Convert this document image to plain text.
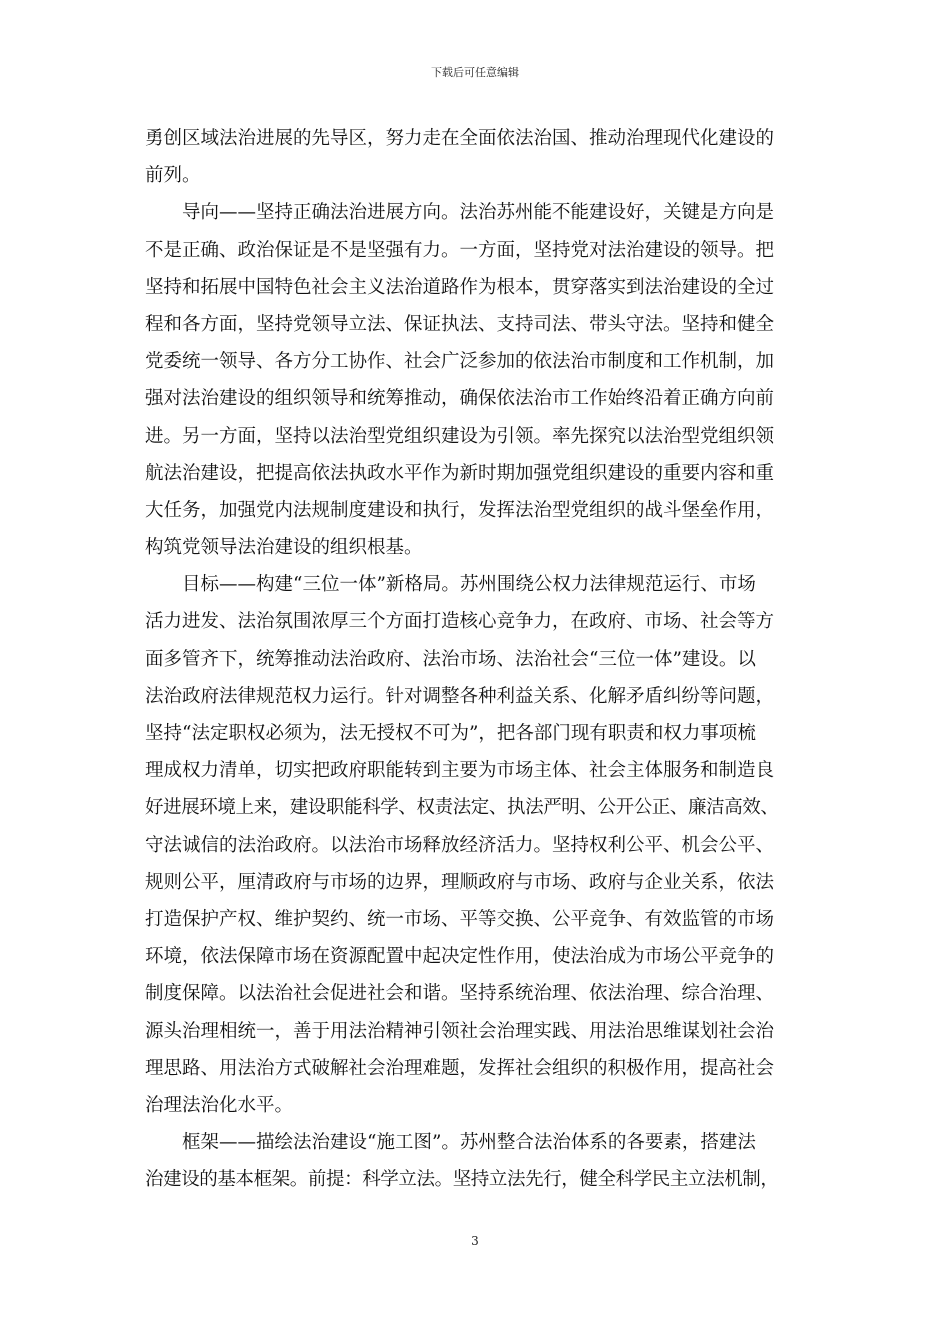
下载后可任意编辑
勇创区域法治进展的先导区，努力走在全面依法治国、推动治理现代化建设的
前列。
导向——坚持正确法治进展方向。法治苏州能不能建设好，关键是方向是
不是正确、政治保证是不是坚强有力。一方面，坚持党对法治建设的领导。把
坚持和拓展中国特色社会主义法治道路作为根本，贯穿落实到法治建设的全过
程和各方面，坚持党领导立法、保证执法、支持司法、带头守法。坚持和健全
党委统一领导、各方分工协作、社会广泛参加的依法治市制度和工作机制，加
强对法治建设的组织领导和统筹推动，确保依法治市工作始终沿着正确方向前
进。另一方面，坚持以法治型党组织建设为引领。率先探究以法治型党组织领
航法治建设，把提高依法执政水平作为新时期加强党组织建设的重要内容和重
大任务，加强党内法规制度建设和执行，发挥法治型党组织的战斗堡垒作用，
构筑党领导法治建设的组织根基。
目标——构建“三位一体”新格局。苏州围绕公权力法律规范运行、市场
活力进发、法治氛围浓厚三个方面打造核心竞争力，在政府、市场、社会等方
面多管齐下，统筹推动法治政府、法治市场、法治社会“三位一体”建设。以
法治政府法律规范权力运行。针对调整各种利益关系、化解矛盾纠纷等问题，
坚持“法定职权必须为，法无授权不可为”，把各部门现有职责和权力事项梳
理成权力清单，切实把政府职能转到主要为市场主体、社会主体服务和制造良
好进展环境上来，建设职能科学、权责法定、执法严明、公开公正、廉洁高效、
守法诚信的法治政府。以法治市场释放经济活力。坚持权利公平、机会公平、
规则公平，厘清政府与市场的边界，理顺政府与市场、政府与企业关系，依法
打造保护产权、维护契约、统一市场、平等交换、公平竞争、有效监管的市场
环境，依法保障市场在资源配置中起决定性作用，使法治成为市场公平竞争的
制度保障。以法治社会促进社会和谐。坚持系统治理、依法治理、综合治理、
源头治理相统一，善于用法治精神引领社会治理实践、用法治思维谋划社会治
理思路、用法治方式破解社会治理难题，发挥社会组织的积极作用，提高社会
治理法治化水平。
框架——描绘法治建设“施工图”。苏州整合法治体系的各要素，搭建法
治建设的基本框架。前提：科学立法。坚持立法先行，健全科学民主立法机制，
3
